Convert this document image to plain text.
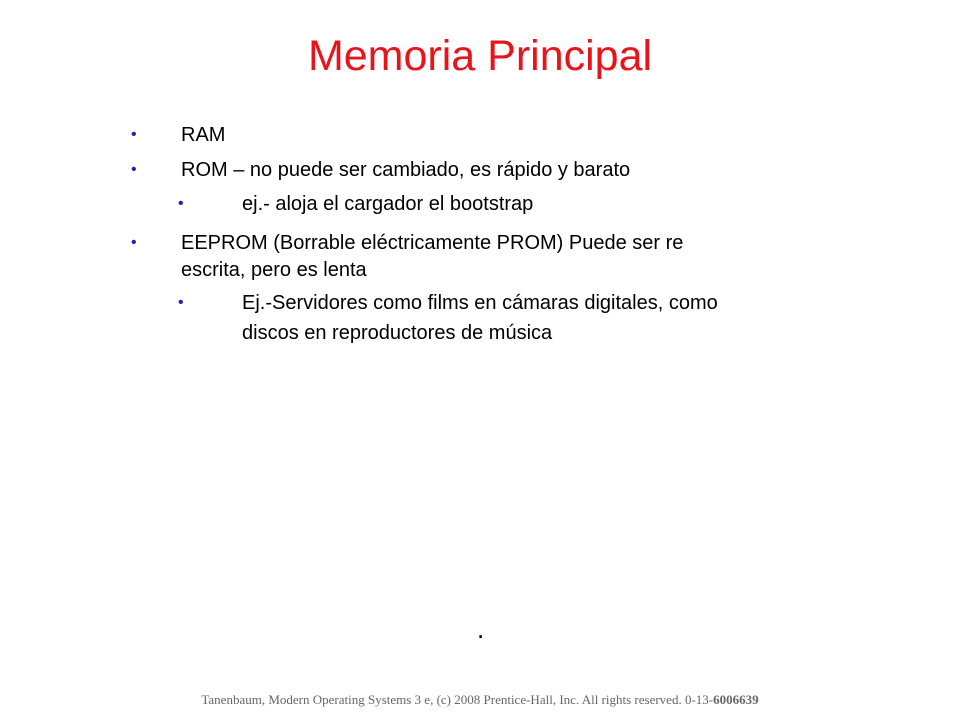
Memoria Principal
• RAM
• ROM – no puede ser cambiado, es rápido y barato
•	ej.- aloja el cargador el bootstrap
• EEPROM (Borrable eléctricamente PROM) Puede ser re
escrita, pero es lenta
•	Ej.-Servidores como films en cámaras digitales, como
discos en reproductores de música
.
Tanenbaum, Modern Operating Systems 3 e, (c) 2008 Prentice-Hall, Inc. All rights reserved. 0-13-6006639
